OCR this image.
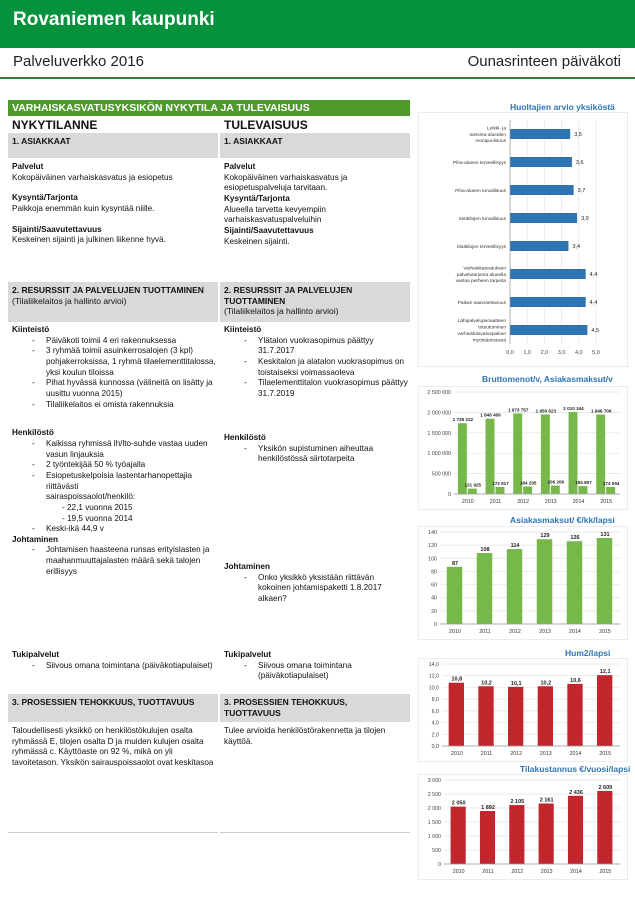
Rovaniemen kaupunki
Palveluverkko 2016	Ounasrinteen päiväkoti
VARHAISKASVATUSYKSIKÖN NYKYTILA JA TULEVAISUUS
NYKYTILANNE	TULEVAISUUS
1. ASIAKKAAT	1. ASIAKKAAT

Palvelut

Kokopäiväinen varhaiskasvatus ja esiopetus

Kysyntä/Tarjonta

Paikkoja enemmän kuin kysyntää niille.

Sijainti/Saavutettavuus

Keskeinen sijainti ja julkinen liikenne hyvä.

Palvelut

Kokopäiväinen varhaiskasvatus ja esiopetuspalveluja tarvitaan.

Kysyntä/Tarjonta

Alueella tarvetta kevyempiin varhaiskasvatuspalveluihin

Sijainti/Saavutettavuus

Keskeinen sijainti.

2. RESURSSIT JA PALVELUJEN TUOTTAMINEN
(Tilaliikelaitos ja hallinto arvioi)
2. RESURSSIT JA PALVELUJEN TUOTTAMINEN
(Tilaliikelaitos ja hallinto arvioi)

Kiinteistö

- Päiväkoti toimii 4 eri rakennuksessa
- 3 ryhmää toimii asuinkerrosalojen (3 kpl) pohjakerroksissa, 1 ryhmä tilaelementtitalossa, yksi koulun tiloissa
- Pihat hyvässä kunnossa (välineitä on lisätty ja uusittu vuonna 2015)
- Tilaliikelaitos ei omista rakennuksia

Henkilöstö

- Kaikissa ryhmissä lh/lto-suhde vastaa uuden vasun linjauksia
- 2 työntekijää 50 % työajalla
- Esiopetuskelpoisia lastentarhanopettajia riittävästi
sairaspoissaolot/henkilö:
- 22,1 vuonna 2015
- 19,5 vuonna 2014
- Keski-ikä 44,9 v

Johtaminen

- Johtamisen haasteena runsas erityislasten ja maahanmuuttajalasten määrä sekä talojen erillisyys

Tukipalvelut

- Siivous omana toimintana (päiväkotiapulaiset)

Kiinteistö

- Ylätalon vuokrasopimus päättyy 31.7.2017
- Keskitalon ja alatalon vuokrasopimus on toistaiseksi voimassaoleva
- Tilaelementtitalon vuokrasopimus päättyy 31.7.2019

Henkilöstö

- Yksikön supistuminen aiheuttaa henkilöstössä siirtotarpeita

Johtaminen

- Onko yksikkö yksistään riittävän kokoinen johtamispaketti 1.8.2017 alkaen?

Tukipalvelut

- Siivous omana toimintana (päiväkotiapulaiset)
3. PROSESSIEN TEHOKKUUS, TUOTTAVUUS	3. PROSESSIEN TEHOKKUUS, TUOTTAVUUS

Taloudellisesti yksikkö on henkilöstökulujen osalta ryhmässä E, tilojen osalta D ja muiden kulujen osalta ryhmässä c. Käyttöaste on 92 %, mikä on yli tavoitetason. Yksikön sairauspoissaolot ovat keskitasoa

Tulee arvioida henkilöstörakennetta ja tilojen käyttöä.

Huoltajien arvio yksiköstä
0,0 1,0 2,0 3,0 4,0 5,0
3,5
Leikki- ja toiminta-alueiden monipuolisuus
3,6
Piha-alueen terveellisyys
3,7
Piha-alueen turvallisuus
3,9
Sisätilojen turvallisuus
3,4
Sisätilojen terveellisyys
4,4
Varhaiskasvatuksen palvelutarjonta alueella vastaa perheen tarpeita
4,4
Paikan saavutettavuus
4,5
Lähipalveluperiaatteen toteutuminen varhaiskasvatuspaikan myöntämisessä
Bruttomenot/v, Asiakasmaksut/v
0
500 000
1 000 000
1 500 000
2 000 000
2 500 000
2010
1 735 222
131 925
2011
1 846 409
172 917
2012
1 973 757
184 205
2013
1 950 623
206 206
2014
2 010 344
194 807
2015
1 946 706
174 094
Asiakasmaksut/ €/kk/lapsi
0
20
40
60
80
100
120
140
2010
87
2011
108
2012
114
2013
129
2014
126
2015
131
Hum2/lapsi
0,0
2,0
4,0
6,0
8,0
10,0
12,0
14,0
2010
10,8
2011
10,2
2012
10,1
2013
10,2
2014
10,6
2015
12,1
Tilakustannus €/vuosi/lapsi
0
500
1 000
1 500
2 000
2 500
3 000
2010
2 050
2011
1 892
2012
2 105
2013
2 161
2014
2 436
2015
2 609
